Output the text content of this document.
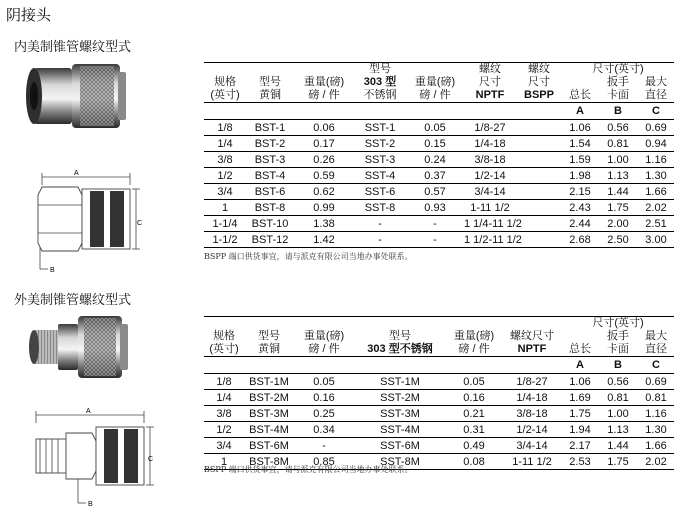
阴接头
内美制锥管螺纹型式
外美制锥管螺纹型式
A
C
B
			型号		螺纹	螺纹	尺寸(英寸)		
规格	型号	重量(磅)	303 型	重量(磅)	尺寸	尺寸		扳手	最大
(英寸)	黄铜	磅 / 件	不锈钢	磅 / 件	NPTF	BSPP	总长	卡面	直径
							A	B	C
1/8	BST-1	0.06	SST-1	0.05	1/8-27		1.06	0.56	0.69
1/4	BST-2	0.17	SST-2	0.15	1/4-18		1.54	0.81	0.94
3/8	BST-3	0.26	SST-3	0.24	3/8-18		1.59	1.00	1.16
1/2	BST-4	0.59	SST-4	0.37	1/2-14		1.98	1.13	1.30
3/4	BST-6	0.62	SST-6	0.57	3/4-14		2.15	1.44	1.66
1	BST-8	0.99	SST-8	0.93	1-11 1/2		2.43	1.75	2.02
1-1/4	BST-10	1.38	-	-	1 1/4-11 1/2		2.44	2.00	2.51
1-1/2	BST-12	1.42	-	-	1 1/2-11 1/2		2.68	2.50	3.00
BSPP 端口供货事宜，请与派克有限公司当地办事处联系。
A
C
B
						尺寸(英寸)		
规格	型号	重量(磅)	型号	重量(磅)	螺纹尺寸		扳手	最大
(英寸)	黄铜	磅 / 件	303 型不锈钢	磅 / 件	NPTF	总长	卡面	直径
						A	B	C
1/8	BST-1M	0.05	SST-1M	0.05	1/8-27	1.06	0.56	0.69
1/4	BST-2M	0.16	SST-2M	0.16	1/4-18	1.69	0.81	0.81
3/8	BST-3M	0.25	SST-3M	0.21	3/8-18	1.75	1.00	1.16
1/2	BST-4M	0.34	SST-4M	0.31	1/2-14	1.94	1.13	1.30
3/4	BST-6M	-	SST-6M	0.49	3/4-14	2.17	1.44	1.66
1	BST-8M	0.85	SST-8M	0.08	1-11 1/2	2.53	1.75	2.02
BSPP 端口供货事宜，请与派克有限公司当地办事处联系。
